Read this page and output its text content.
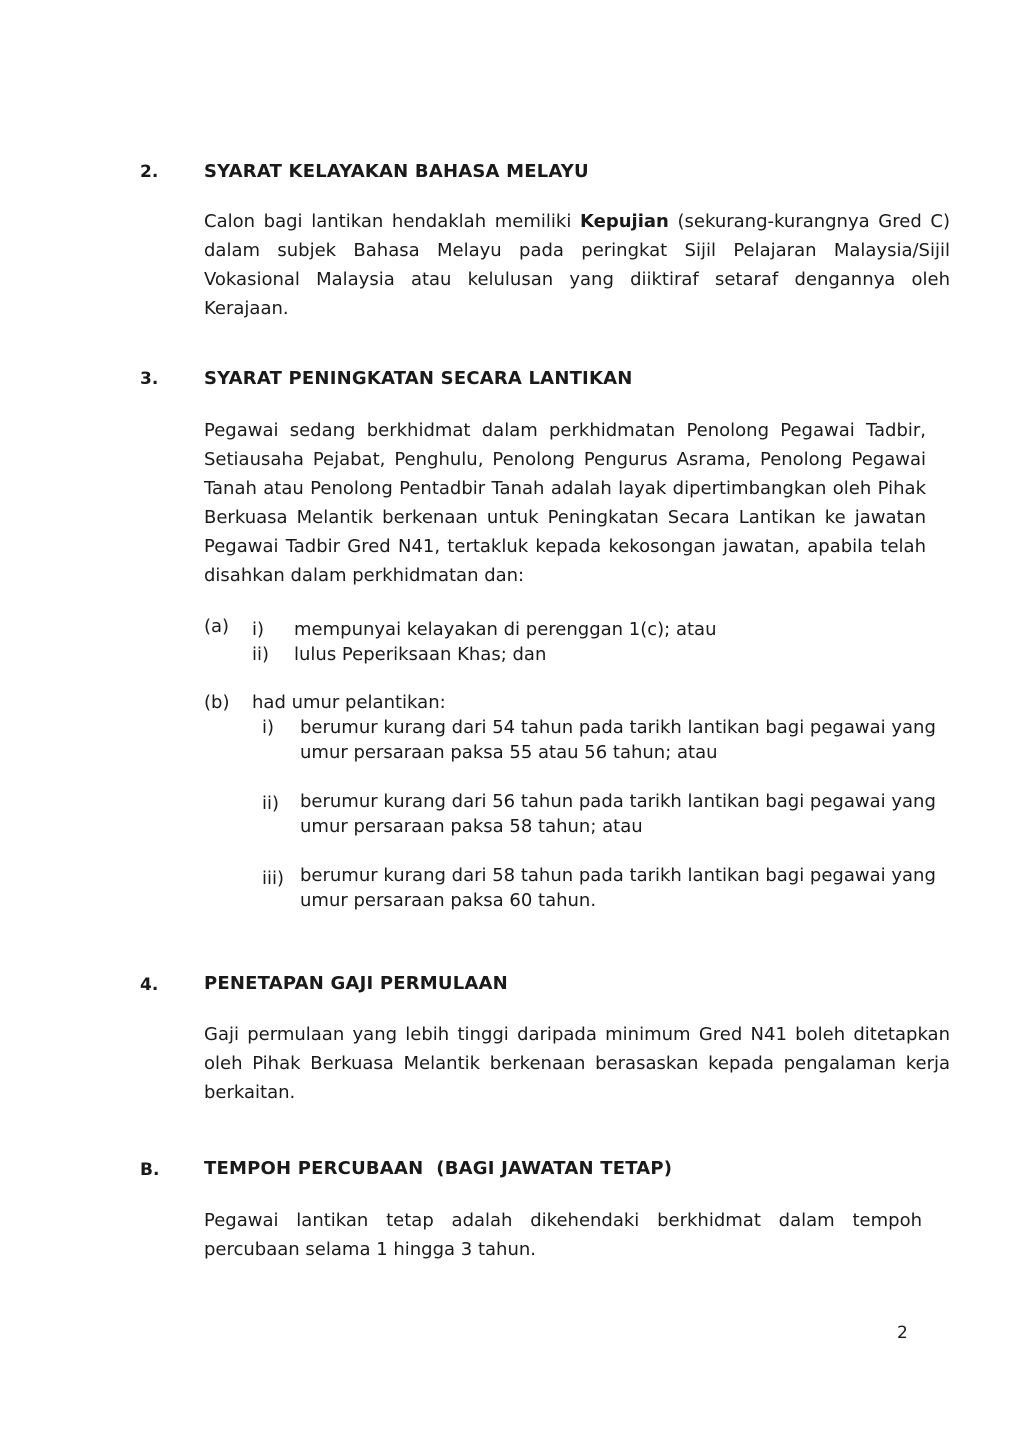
2.	SYARAT KELAYAKAN BAHASA MELAYU
Calon bagi lantikan hendaklah memiliki Kepujian (sekurang-kurangnya Gred C) dalam subjek Bahasa Melayu pada peringkat Sijil Pelajaran Malaysia/Sijil Vokasional Malaysia atau kelulusan yang diiktiraf setaraf dengannya oleh Kerajaan.
3.	SYARAT PENINGKATAN SECARA LANTIKAN
Pegawai sedang berkhidmat dalam perkhidmatan Penolong Pegawai Tadbir, Setiausaha Pejabat, Penghulu, Penolong Pengurus Asrama, Penolong Pegawai Tanah atau Penolong Pentadbir Tanah adalah layak dipertimbangkan oleh Pihak Berkuasa Melantik berkenaan untuk Peningkatan Secara Lantikan ke jawatan Pegawai Tadbir Gred N41, tertakluk kepada kekosongan jawatan, apabila telah disahkan dalam perkhidmatan dan:
(a) i) mempunyai kelayakan di perenggan 1(c); atau
ii) lulus Peperiksaan Khas; dan
(b) had umur pelantikan:
i) berumur kurang dari 54 tahun pada tarikh lantikan bagi pegawai yang
umur persaraan paksa 55 atau 56 tahun; atau
ii) berumur kurang dari 56 tahun pada tarikh lantikan bagi pegawai yang
umur persaraan paksa 58 tahun; atau
iii) berumur kurang dari 58 tahun pada tarikh lantikan bagi pegawai yang
umur persaraan paksa 60 tahun.
4.	PENETAPAN GAJI PERMULAAN
Gaji permulaan yang lebih tinggi daripada minimum Gred N41 boleh ditetapkan oleh Pihak Berkuasa Melantik berkenaan berasaskan kepada pengalaman kerja berkaitan.
B. TEMPOH PERCUBAAN  (BAGI JAWATAN TETAP)
Pegawai lantikan tetap adalah dikehendaki berkhidmat dalam tempoh percubaan selama 1 hingga 3 tahun.
2
